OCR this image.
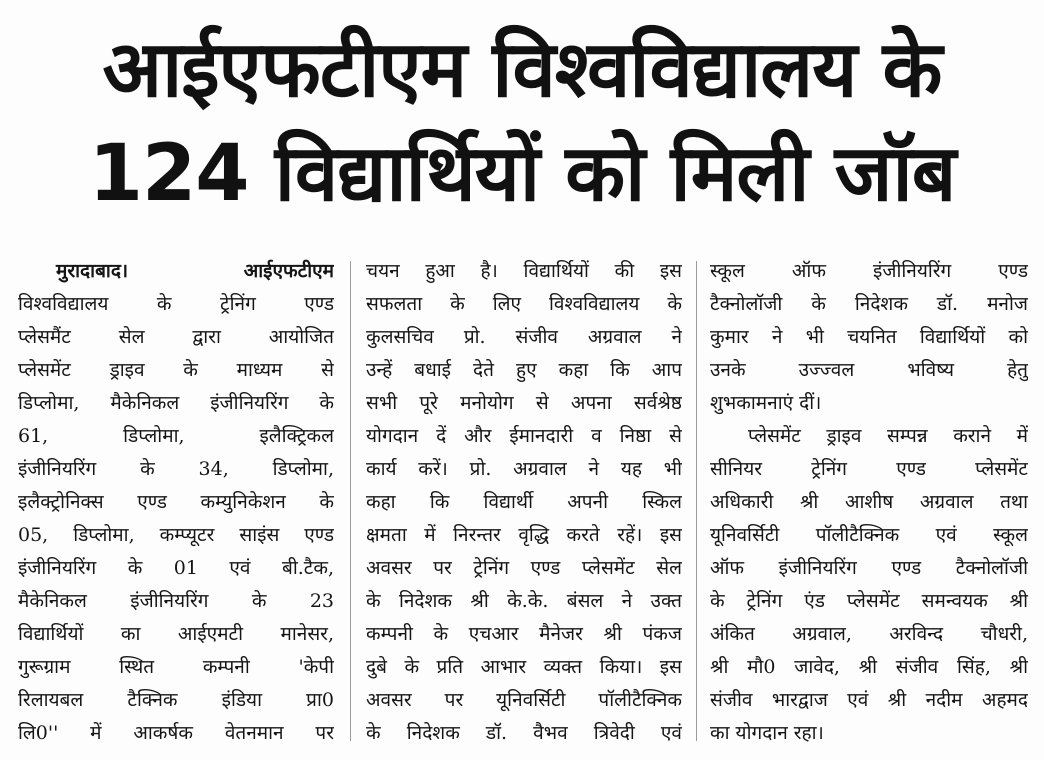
आईएफटीएम विश्वविद्यालय के
124 विद्यार्थियों को मिली जॉब
मुरादाबाद।	आईएफटीएम
विश्वविद्यालय के ट्रेनिंग एण्ड
प्लेसमैंट सेल द्वारा आयोजित
प्लेसमेंट ड्राइव के माध्यम से
डिप्लोमा, मैकेनिकल इंजीनियरिंग के
61, डिप्लोमा, इलैक्ट्रिकल
इंजीनियरिंग के 34, डिप्लोमा,
इलैक्ट्रोनिक्स एण्ड कम्युनिकेशन के
05, डिप्लोमा, कम्प्यूटर साइंस एण्ड
इंजीनियरिंग के 01 एवं बी.टैक,
मैकेनिकल इंजीनियरिंग के 23
विद्यार्थियों का आईएमटी मानेसर,
गुरूग्राम स्थित कम्पनी 'केपी
रिलायबल टैक्निक इंडिया प्रा0
लि0'' में आकर्षक वेतनमान पर
चयन हुआ है। विद्यार्थियों की इस
सफलता के लिए विश्वविद्यालय के
कुलसचिव प्रो. संजीव अग्रवाल ने
उन्हें बधाई देते हुए कहा कि आप
सभी पूरे मनोयोग से अपना सर्वश्रेष्ठ
योगदान दें और ईमानदारी व निष्ठा से
कार्य करें। प्रो. अग्रवाल ने यह भी
कहा कि विद्यार्थी अपनी स्किल
क्षमता में निरन्तर वृद्धि करते रहें। इस
अवसर पर ट्रेनिंग एण्ड प्लेसमेंट सेल
के निदेशक श्री के.के. बंसल ने उक्त
कम्पनी के एचआर मैनेजर श्री पंकज
दुबे के प्रति आभार व्यक्त किया। इस
अवसर पर यूनिवर्सिटी पॉलीटैक्निक
के निदेशक डॉ. वैभव त्रिवेदी एवं
स्कूल ऑफ इंजीनियरिंग एण्ड
टैक्नोलॉजी के निदेशक डॉ. मनोज
कुमार ने भी चयनित विद्यार्थियों को
उनके उज्ज्वल भविष्य हेतु
शुभकामनाएं दीं।
प्लेसमेंट ड्राइव सम्पन्न कराने में
सीनियर ट्रेनिंग एण्ड प्लेसमेंट
अधिकारी श्री आशीष अग्रवाल तथा
यूनिवर्सिटी पॉलीटैक्निक एवं स्कूल
ऑफ इंजीनियरिंग एण्ड टैक्नोलॉजी
के ट्रेनिंग एंड प्लेसमेंट समन्वयक श्री
अंकित अग्रवाल, अरविन्द चौधरी,
श्री मौ0 जावेद, श्री संजीव सिंह, श्री
संजीव भारद्वाज एवं श्री नदीम अहमद
का योगदान रहा।
